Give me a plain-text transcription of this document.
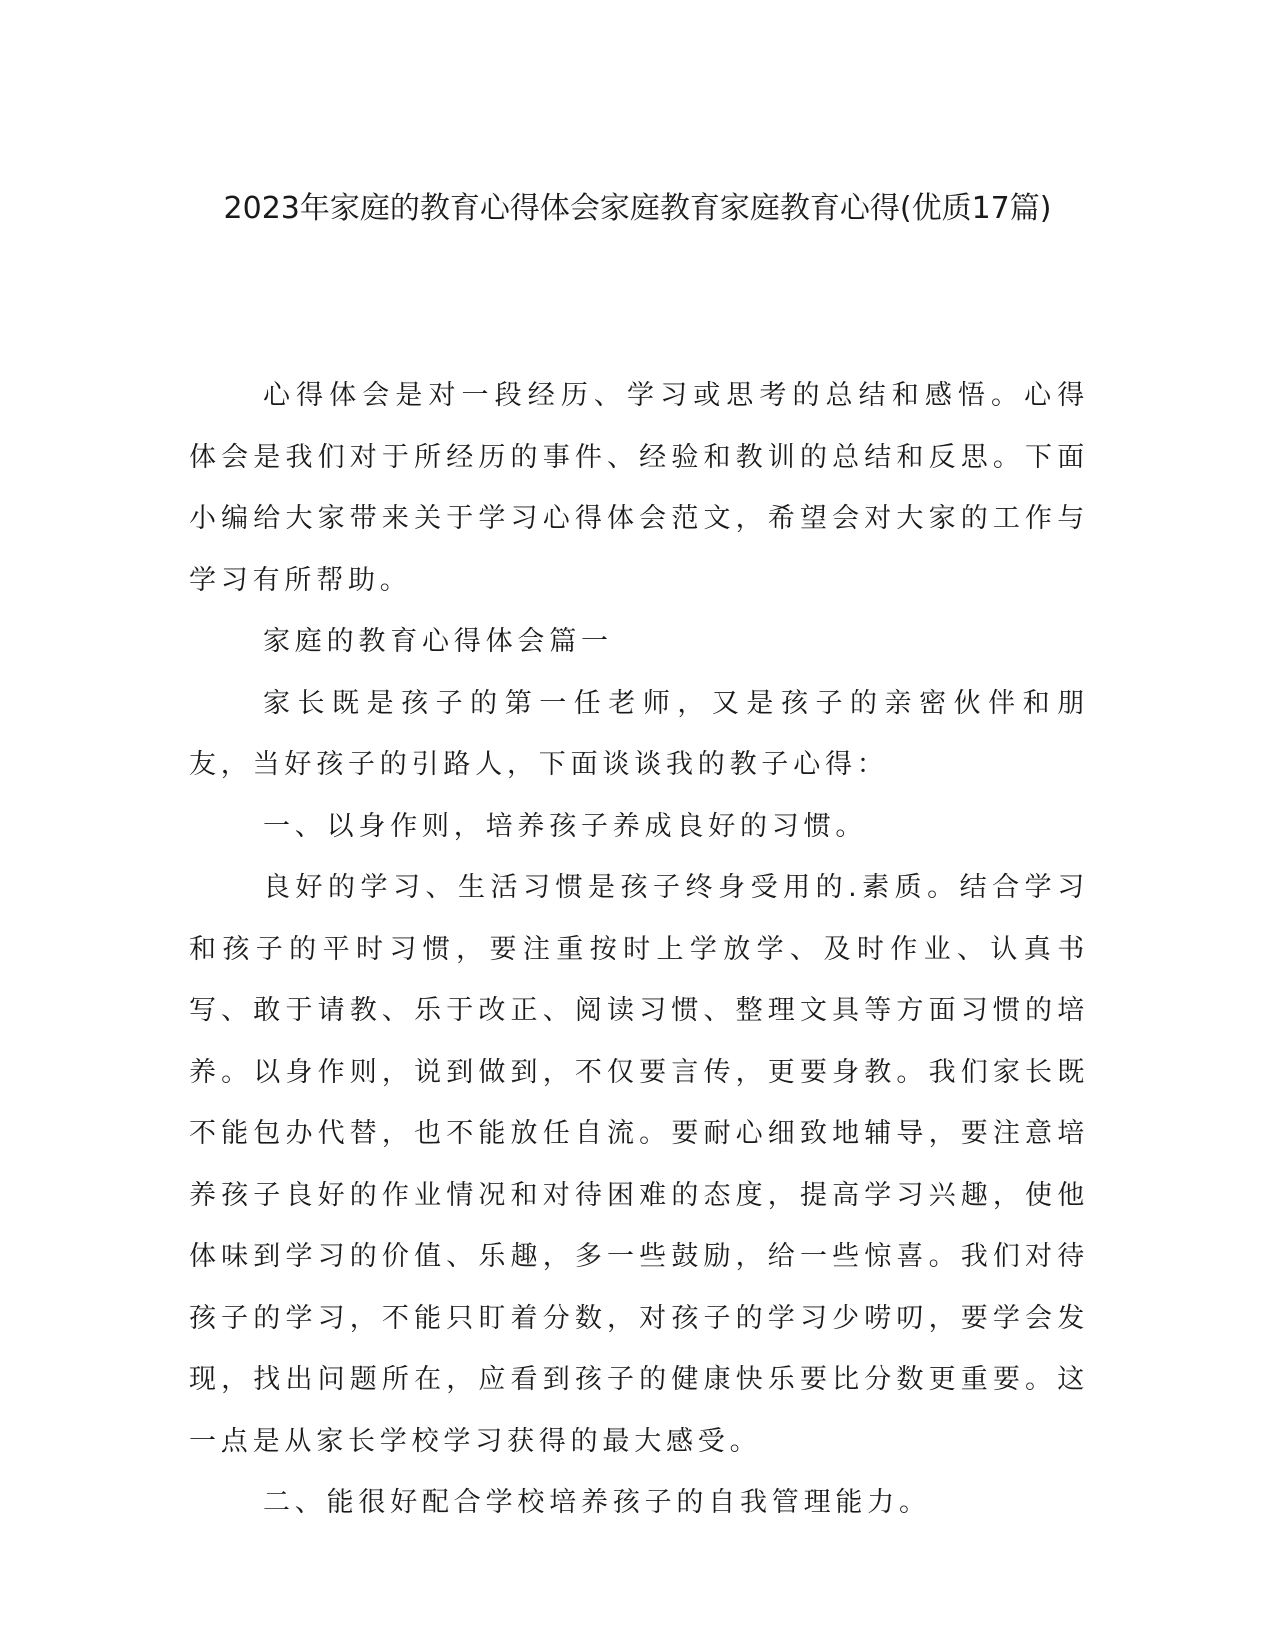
2023年家庭的教育心得体会家庭教育家庭教育心得(优质17篇)

心得体会是对一段经历、学习或思考的总结和感悟。心得体会是我们对于所经历的事件、经验和教训的总结和反思。下面小编给大家带来关于学习心得体会范文，希望会对大家的工作与学习有所帮助。

家庭的教育心得体会篇一

家长既是孩子的第一任老师，又是孩子的亲密伙伴和朋友，当好孩子的引路人，下面谈谈我的教子心得：

一、以身作则，培养孩子养成良好的习惯。

良好的学习、生活习惯是孩子终身受用的.素质。结合学习和孩子的平时习惯，要注重按时上学放学、及时作业、认真书写、敢于请教、乐于改正、阅读习惯、整理文具等方面习惯的培养。以身作则，说到做到，不仅要言传，更要身教。我们家长既不能包办代替，也不能放任自流。要耐心细致地辅导，要注意培养孩子良好的作业情况和对待困难的态度，提高学习兴趣，使他体味到学习的价值、乐趣，多一些鼓励，给一些惊喜。我们对待孩子的学习，不能只盯着分数，对孩子的学习少唠叨，要学会发现，找出问题所在，应看到孩子的健康快乐要比分数更重要。这一点是从家长学校学习获得的最大感受。

二、能很好配合学校培养孩子的自我管理能力。
